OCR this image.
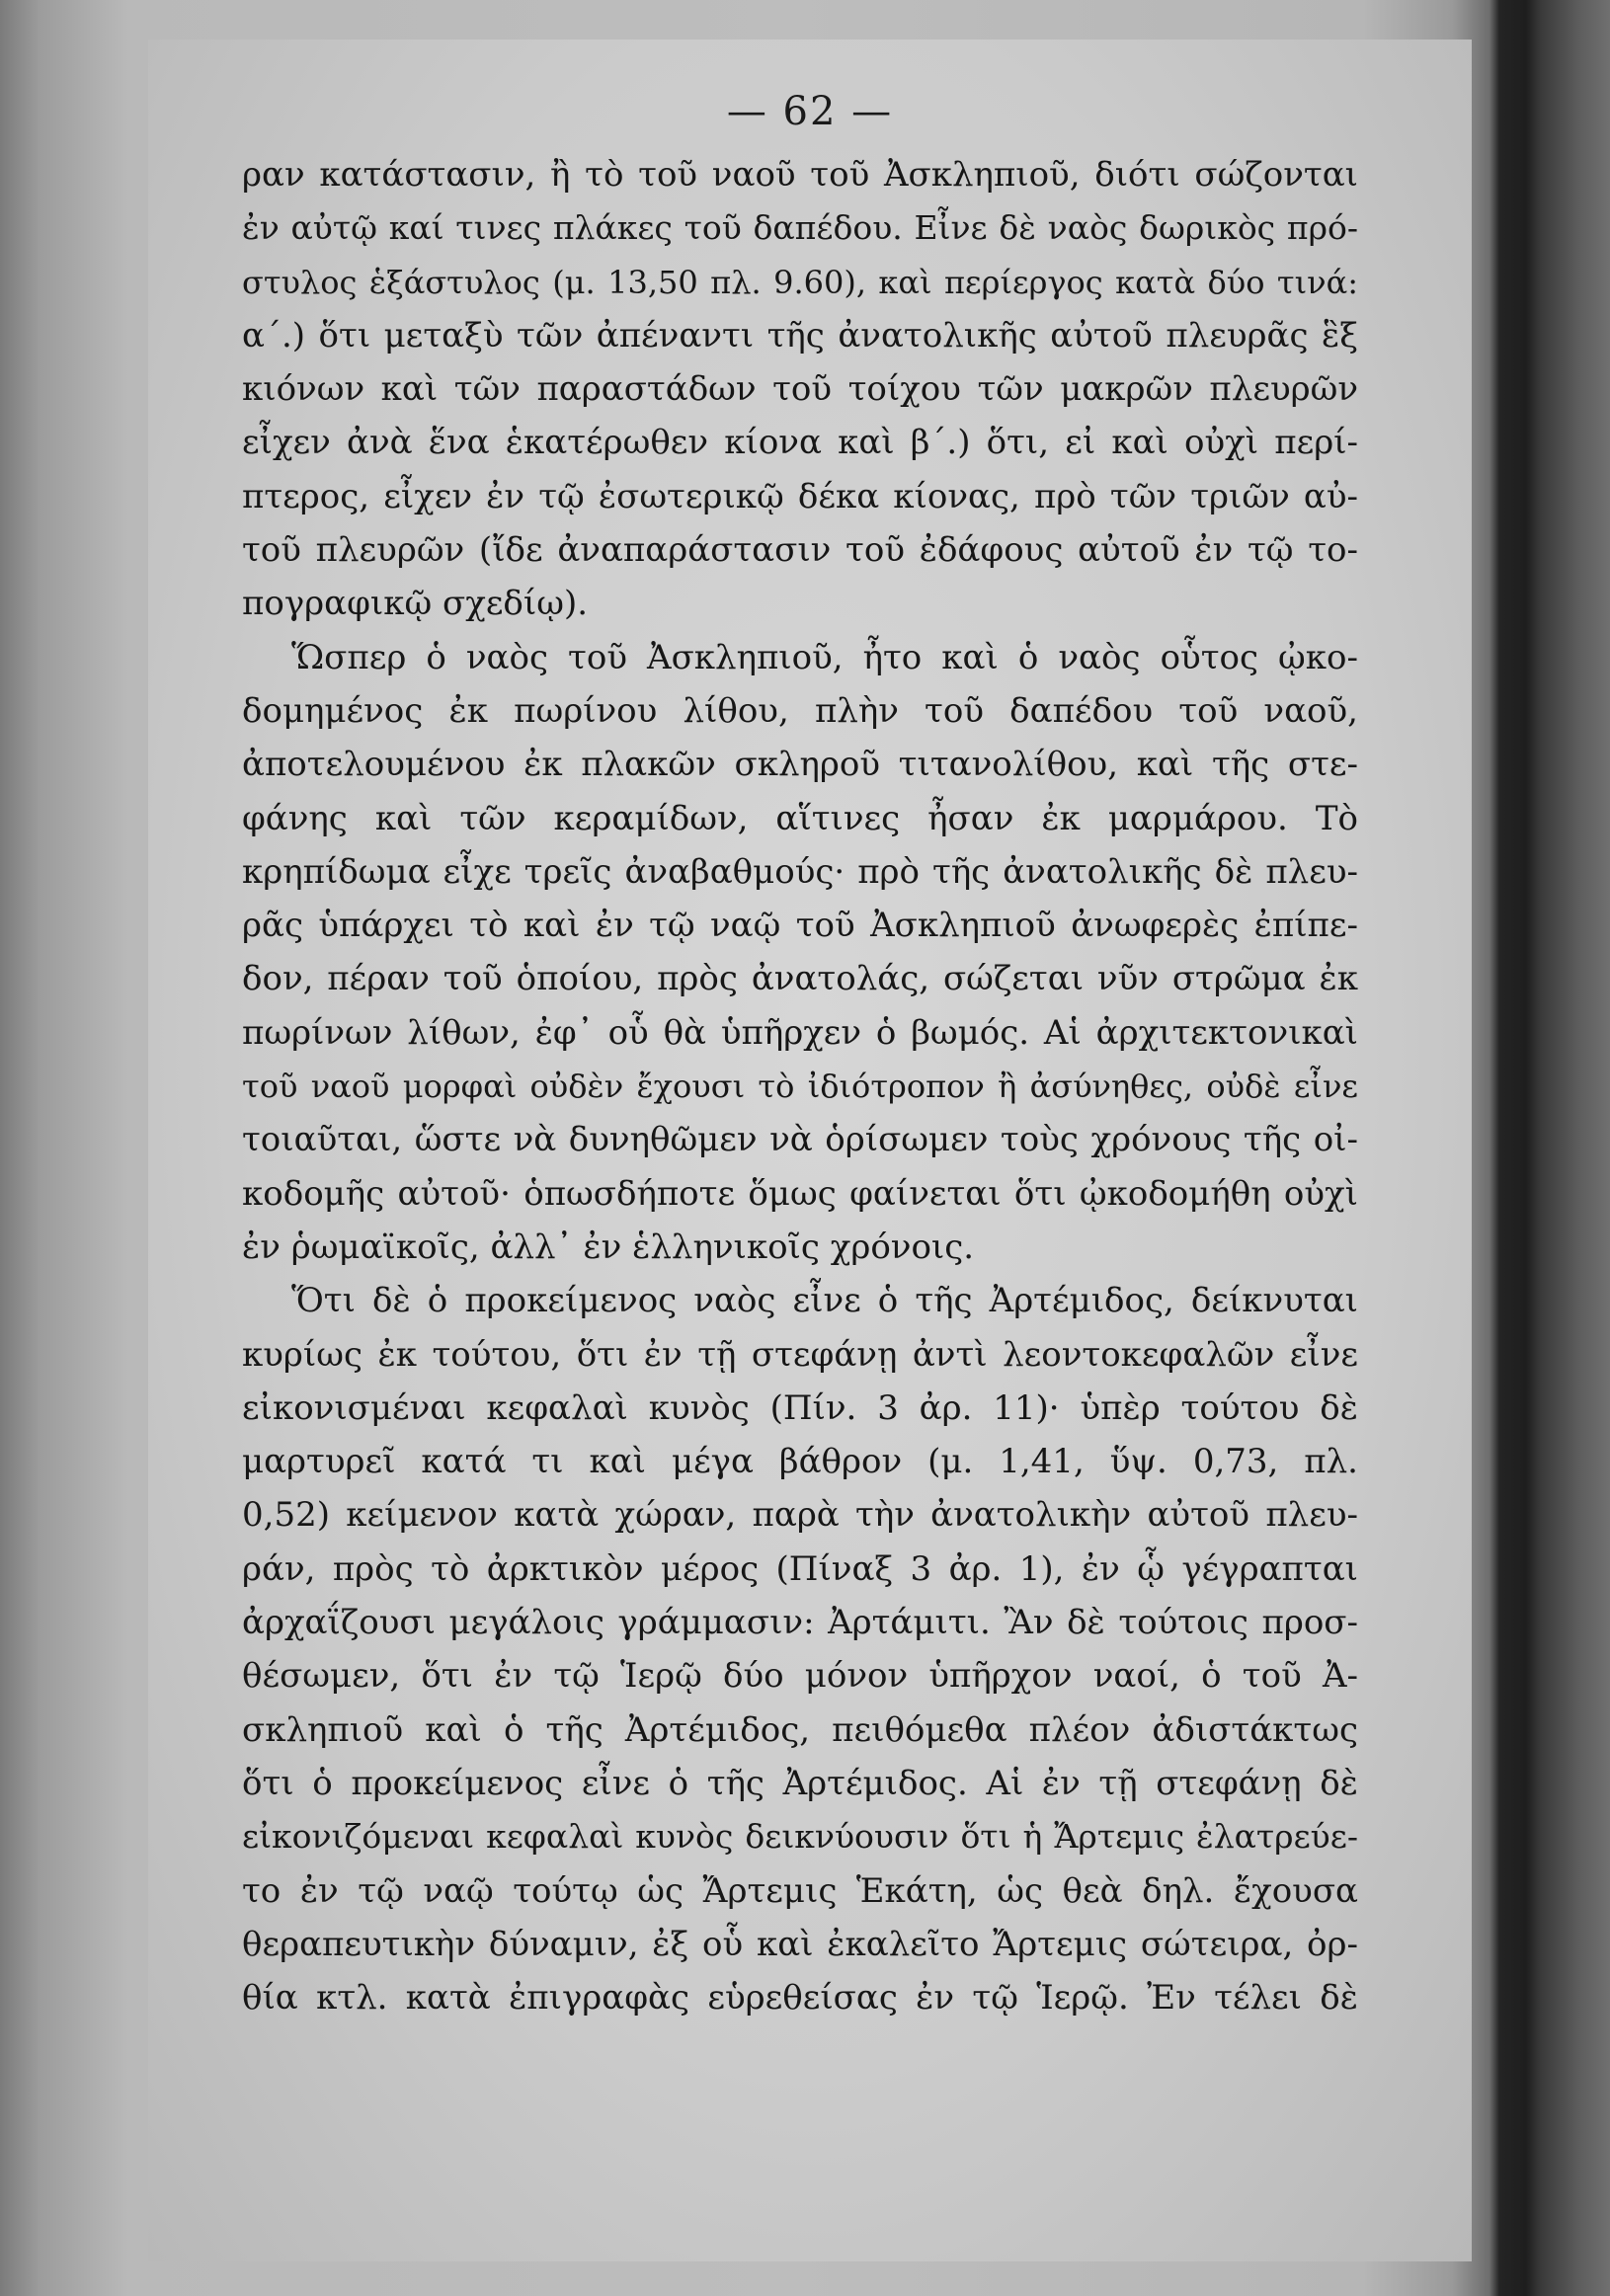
— 62 —
ραν κατάστασιν, ἢ τὸ τοῦ ναοῦ τοῦ Ἀσκληπιοῦ, διότι σώζονται
ἐν αὐτῷ καί τινες πλάκες τοῦ δαπέδου. Εἶνε δὲ ναὸς δωρικὸς πρό-
στυλος ἑξάστυλος (μ. 13,50 πλ. 9.60), καὶ περίεργος κατὰ δύο τινά:
α΄.) ὅτι μεταξὺ τῶν ἀπέναντι τῆς ἀνατολικῆς αὐτοῦ πλευρᾶς ἓξ
κιόνων καὶ τῶν παραστάδων τοῦ τοίχου τῶν μακρῶν πλευρῶν
εἶχεν ἀνὰ ἕνα ἑκατέρωθεν κίονα καὶ β΄.) ὅτι, εἰ καὶ οὐχὶ περί-
πτερος, εἶχεν ἐν τῷ ἐσωτερικῷ δέκα κίονας, πρὸ τῶν τριῶν αὐ-
τοῦ πλευρῶν (ἴδε ἀναπαράστασιν τοῦ ἐδάφους αὐτοῦ ἐν τῷ το-
πογραφικῷ σχεδίῳ).
Ὥσπερ ὁ ναὸς τοῦ Ἀσκληπιοῦ, ἦτο καὶ ὁ ναὸς οὗτος ᾠκο-
δομημένος ἐκ πωρίνου λίθου, πλὴν τοῦ δαπέδου τοῦ ναοῦ,
ἀποτελουμένου ἐκ πλακῶν σκληροῦ τιτανολίθου, καὶ τῆς στε-
φάνης καὶ τῶν κεραμίδων, αἵτινες ἦσαν ἐκ μαρμάρου. Τὸ
κρηπίδωμα εἶχε τρεῖς ἀναβαθμούς· πρὸ τῆς ἀνατολικῆς δὲ πλευ-
ρᾶς ὑπάρχει τὸ καὶ ἐν τῷ ναῷ τοῦ Ἀσκληπιοῦ ἀνωφερὲς ἐπίπε-
δον, πέραν τοῦ ὁποίου, πρὸς ἀνατολάς, σώζεται νῦν στρῶμα ἐκ
πωρίνων λίθων, ἐφ᾽ οὗ θὰ ὑπῆρχεν ὁ βωμός. Αἱ ἀρχιτεκτονικαὶ
τοῦ ναοῦ μορφαὶ οὐδὲν ἔχουσι τὸ ἰδιότροπον ἢ ἀσύνηθες, οὐδὲ εἶνε
τοιαῦται, ὥστε νὰ δυνηθῶμεν νὰ ὁρίσωμεν τοὺς χρόνους τῆς οἰ-
κοδομῆς αὐτοῦ· ὁπωσδήποτε ὅμως φαίνεται ὅτι ᾠκοδομήθη οὐχὶ
ἐν ῥωμαϊκοῖς, ἀλλ᾽ ἐν ἑλληνικοῖς χρόνοις.
Ὅτι δὲ ὁ προκείμενος ναὸς εἶνε ὁ τῆς Ἀρτέμιδος, δείκνυται
κυρίως ἐκ τούτου, ὅτι ἐν τῇ στεφάνῃ ἀντὶ λεοντοκεφαλῶν εἶνε
εἰκονισμέναι κεφαλαὶ κυνὸς (Πίν. 3 ἀρ. 11)· ὑπὲρ τούτου δὲ
μαρτυρεῖ κατά τι καὶ μέγα βάθρον (μ. 1,41, ὕψ. 0,73, πλ.
0,52) κείμενον κατὰ χώραν, παρὰ τὴν ἀνατολικὴν αὐτοῦ πλευ-
ράν, πρὸς τὸ ἀρκτικὸν μέρος (Πίναξ 3 ἀρ. 1), ἐν ᾧ γέγραπται
ἀρχαΐζουσι μεγάλοις γράμμασιν: Ἀρτάμιτι. Ἂν δὲ τούτοις προσ-
θέσωμεν, ὅτι ἐν τῷ Ἱερῷ δύο μόνον ὑπῆρχον ναοί, ὁ τοῦ Ἀ-
σκληπιοῦ καὶ ὁ τῆς Ἀρτέμιδος, πειθόμεθα πλέον ἀδιστάκτως
ὅτι ὁ προκείμενος εἶνε ὁ τῆς Ἀρτέμιδος. Αἱ ἐν τῇ στεφάνῃ δὲ
εἰκονιζόμεναι κεφαλαὶ κυνὸς δεικνύουσιν ὅτι ἡ Ἄρτεμις ἐλατρεύε-
το ἐν τῷ ναῷ τούτῳ ὡς Ἄρτεμις Ἑκάτη, ὡς θεὰ δηλ. ἔχουσα
θεραπευτικὴν δύναμιν, ἐξ οὗ καὶ ἐκαλεῖτο Ἄρτεμις σώτειρα, ὀρ-
θία κτλ. κατὰ ἐπιγραφὰς εὑρεθείσας ἐν τῷ Ἱερῷ. Ἐν τέλει δὲ
